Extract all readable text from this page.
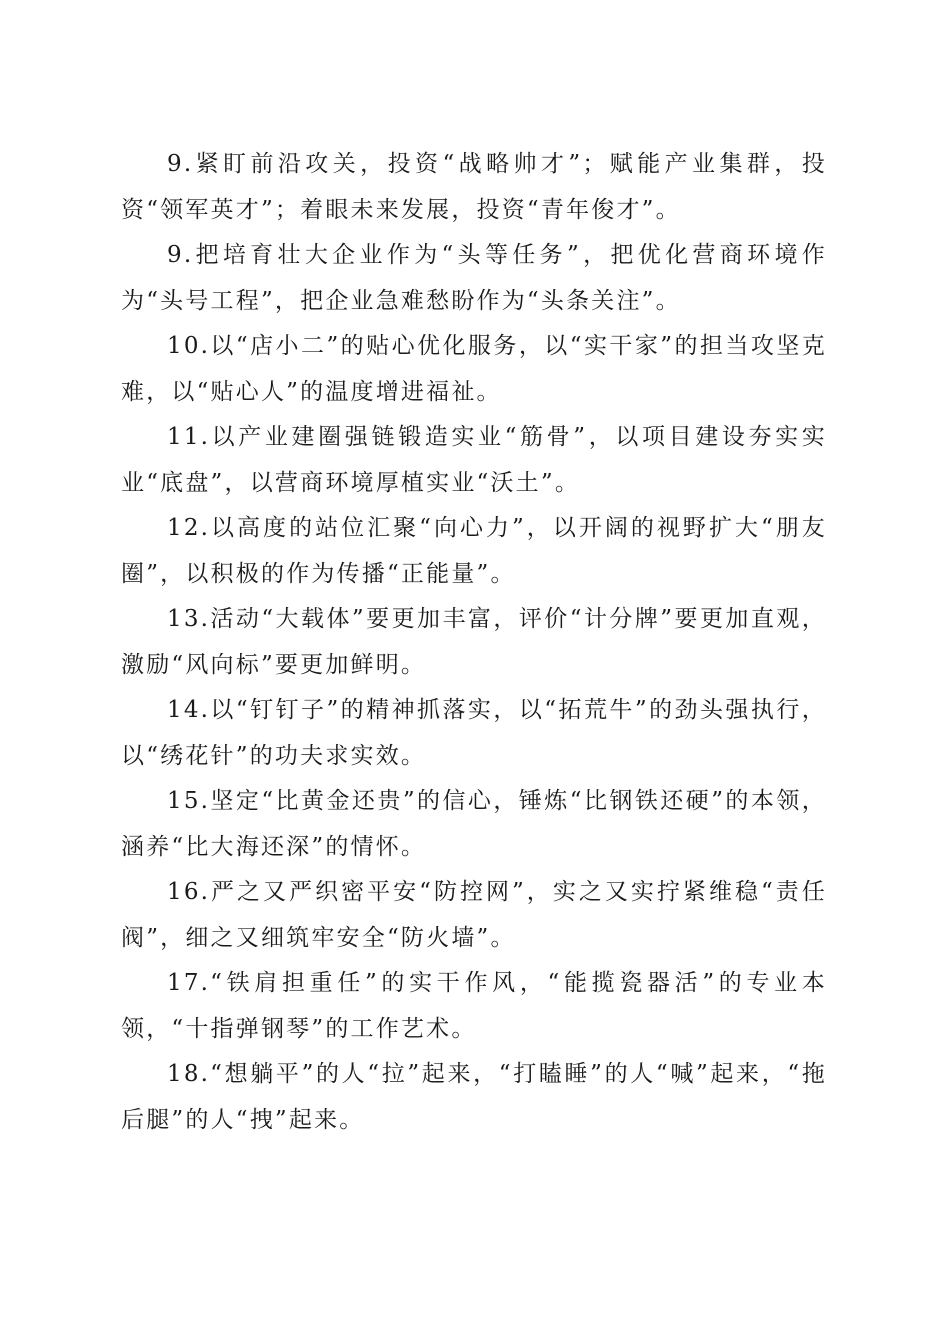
9.紧盯前沿攻关，投资“战略帅才”；赋能产业集群，投资“领军英才”；着眼未来发展，投资“青年俊才”。

9.把培育壮大企业作为“头等任务”，把优化营商环境作为“头号工程”，把企业急难愁盼作为“头条关注”。

10.以“店小二”的贴心优化服务，以“实干家”的担当攻坚克难，以“贴心人”的温度增进福祉。

11.以产业建圈强链锻造实业“筋骨”，以项目建设夯实实业“底盘”，以营商环境厚植实业“沃土”。

12.以高度的站位汇聚“向心力”，以开阔的视野扩大“朋友圈”，以积极的作为传播“正能量”。

13.活动“大载体”要更加丰富，评价“计分牌”要更加直观，激励“风向标”要更加鲜明。

14.以“钉钉子”的精神抓落实，以“拓荒牛”的劲头强执行，以“绣花针”的功夫求实效。

15.坚定“比黄金还贵”的信心，锤炼“比钢铁还硬”的本领，涵养“比大海还深”的情怀。

16.严之又严织密平安“防控网”，实之又实拧紧维稳“责任阀”，细之又细筑牢安全“防火墙”。

17.“铁肩担重任”的实干作风，“能揽瓷器活”的专业本领，“十指弹钢琴”的工作艺术。

18.“想躺平”的人“拉”起来，“打瞌睡”的人“喊”起来，“拖后腿”的人“拽”起来。
